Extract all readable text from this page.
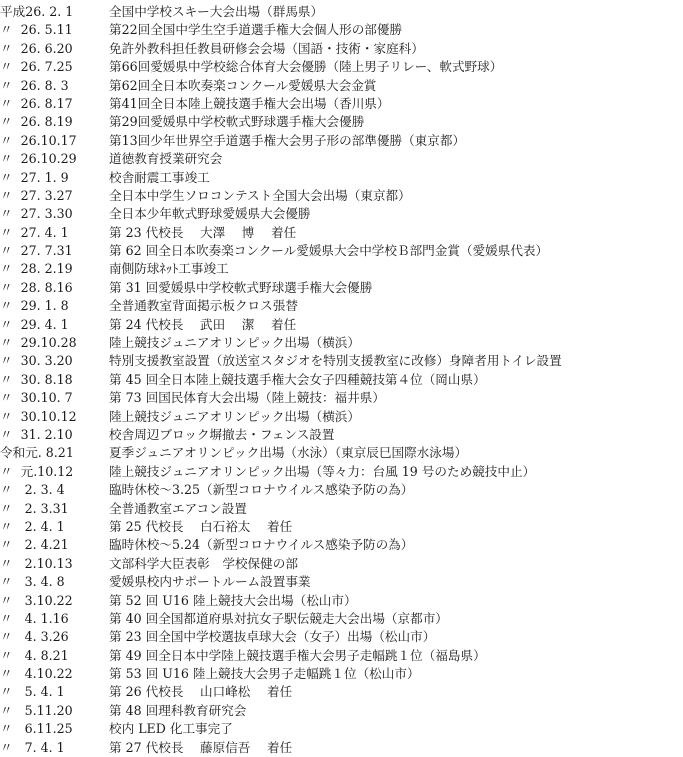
平成26. 2. 1	全国中学校スキー大会出場（群馬県）
〃  26. 5.11	第22回全国中学生空手道選手権大会個人形の部優勝
〃  26. 6.20	免許外教科担任教員研修会会場（国語・技術・家庭科）
〃  26. 7.25	第66回愛媛県中学校総合体育大会優勝（陸上男子リレー、軟式野球）
〃  26. 8. 3	第62回全日本吹奏楽コンクール愛媛県大会金賞
〃  26. 8.17	第41回全日本陸上競技選手権大会出場（香川県）
〃  26. 8.19	第29回愛媛県中学校軟式野球選手権大会優勝
〃  26.10.17	第13回少年世界空手道選手権大会男子形の部準優勝（東京都）
〃  26.10.29	道徳教育授業研究会
〃  27. 1. 9	校舎耐震工事竣工
〃  27. 3.27	全日本中学生ソロコンテスト全国大会出場（東京都）
〃  27. 3.30	全日本少年軟式野球愛媛県大会優勝
〃  27. 4. 1	第 23 代校長　 大澤　 博　 着任
〃  27. 7.31	第 62 回全日本吹奏楽コンクール愛媛県大会中学校Ｂ部門金賞（愛媛県代表）
〃  28. 2.19	南側防球ﾈｯﾄ工事竣工
〃  28. 8.16	第 31 回愛媛県中学校軟式野球選手権大会優勝
〃  29. 1. 8	全普通教室背面掲示板クロス張替
〃  29. 4. 1	第 24 代校長　 武田　 潔　 着任
〃  29.10.28	陸上競技ジュニアオリンピック出場（横浜）
〃  30. 3.20	特別支援教室設置（放送室スタジオを特別支援教室に改修）身障者用トイレ設置
〃  30. 8.18	第 45 回全日本陸上競技選手権大会女子四種競技第４位（岡山県）
〃  30.10. 7	第 73 回国民体育大会出場（陸上競技：福井県）
〃  30.10.12	陸上競技ジュニアオリンピック出場（横浜）
〃  31. 2.10	校舎周辺ブロック塀撤去・フェンス設置
令和元. 8.21	夏季ジュニアオリンピック出場（水泳）（東京辰巳国際水泳場）
〃  元.10.12	陸上競技ジュニアオリンピック出場（等々力：台風 19 号のため競技中止）
〃   2. 3. 4	臨時休校～3.25（新型コロナウイルス感染予防の為）
〃   2. 3.31	全普通教室エアコン設置
〃   2. 4. 1	第 25 代校長　 白石裕太　 着任
〃   2. 4.21	臨時休校～5.24（新型コロナウイルス感染予防の為）
〃   2.10.13	文部科学大臣表彰　学校保健の部
〃   3. 4. 8	愛媛県校内サポートルーム設置事業
〃   3.10.22	第 52 回 U16 陸上競技大会出場（松山市）
〃   4. 1.16	第 40 回全国都道府県対抗女子駅伝競走大会出場（京都市）
〃   4. 3.26	第 23 回全国中学校選抜卓球大会（女子）出場（松山市）
〃   4. 8.21	第 49 回全日本中学陸上競技選手権大会男子走幅跳１位（福島県）
〃   4.10.22	第 53 回 U16 陸上競技大会男子走幅跳１位（松山市）
〃   5. 4. 1	第 26 代校長　 山口峰松　 着任
〃   5.11.20	第 48 回理科教育研究会
〃   6.11.25	校内 LED 化工事完了
〃   7. 4. 1	第 27 代校長　 藤原信吾　 着任
